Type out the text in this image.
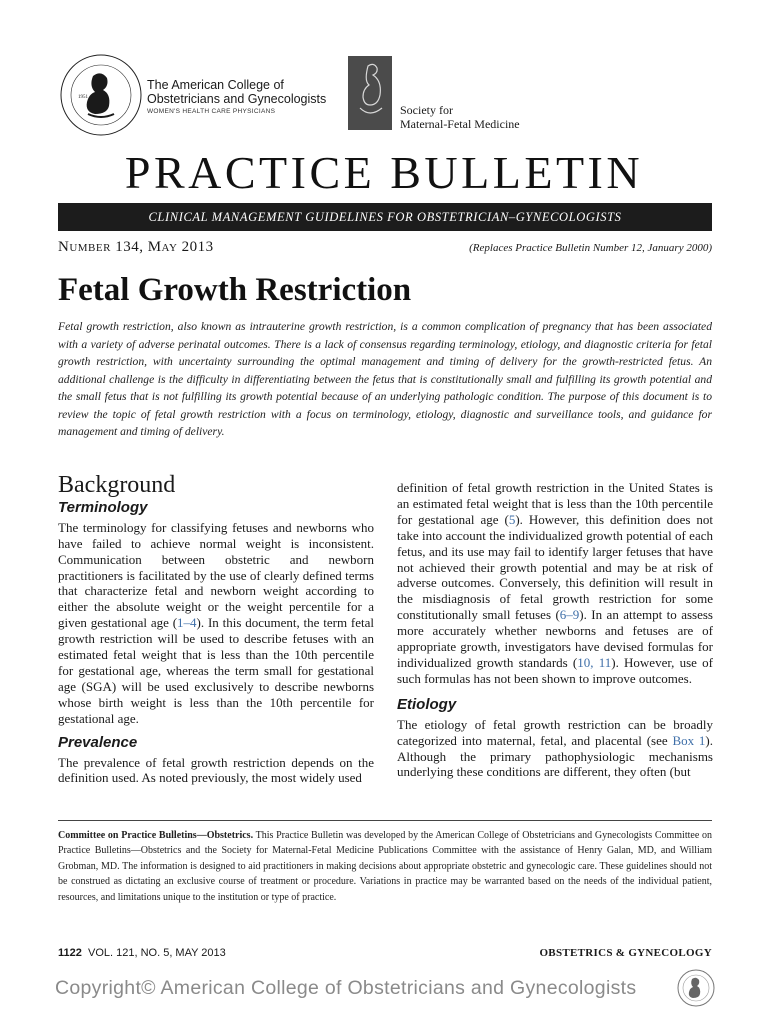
1951
The American College of
Obstetricians and Gynecologists
WOMEN'S HEALTH CARE PHYSICIANS	Society for
Maternal-Fetal Medicine
PRACTICE BULLETIN
CLINICAL MANAGEMENT GUIDELINES FOR OBSTETRICIAN–GYNECOLOGISTS
Number 134, May 2013	(Replaces Practice Bulletin Number 12, January 2000)
Fetal Growth Restriction
Fetal growth restriction, also known as intrauterine growth restriction, is a common complication of pregnancy that has been associated with a variety of adverse perinatal outcomes. There is a lack of consensus regarding terminology, etiology, and diagnostic criteria for fetal growth restriction, with uncertainty surrounding the optimal management and timing of delivery for the growth-restricted fetus. An additional challenge is the difficulty in differentiating between the fetus that is constitutionally small and fulfilling its growth potential and the small fetus that is not fulfilling its growth potential because of an underlying pathologic condition. The purpose of this document is to review the topic of fetal growth restriction with a focus on terminology, etiology, diagnostic and surveillance tools, and guidance for management and timing of delivery.
Background
Terminology

The terminology for classifying fetuses and newborns who have failed to achieve normal weight is inconsistent. Communication between obstetric and newborn practitioners is facilitated by the use of clearly defined terms that characterize fetal and newborn weight according to either the absolute weight or the weight percentile for a given gestational age (1–4). In this document, the term fetal growth restriction will be used to describe fetuses with an estimated fetal weight that is less than the 10th percentile for gestational age, whereas the term small for gestational age (SGA) will be used exclusively to describe newborns whose birth weight is less than the 10th percentile for gestational age.

Prevalence

The prevalence of fetal growth restriction depends on the definition used. As noted previously, the most widely used

definition of fetal growth restriction in the United States is an estimated fetal weight that is less than the 10th percentile for gestational age (5). However, this definition does not take into account the individualized growth potential of each fetus, and its use may fail to identify larger fetuses that have not achieved their growth potential and may be at risk of adverse outcomes. Conversely, this definition will result in the misdiagnosis of fetal growth restriction for some constitutionally small fetuses (6–9). In an attempt to assess more accurately whether newborns and fetuses are of appropriate growth, investigators have devised formulas for individualized growth standards (10, 11). However, use of such formulas has not been shown to improve outcomes.

Etiology

The etiology of fetal growth restriction can be broadly categorized into maternal, fetal, and placental (see Box 1). Although the primary pathophysiologic mechanisms underlying these conditions are different, they often (but

Committee on Practice Bulletins—Obstetrics. This Practice Bulletin was developed by the American College of Obstetricians and Gynecologists Committee on Practice Bulletins—Obstetrics and the Society for Maternal-Fetal Medicine Publications Committee with the assistance of Henry Galan, MD, and William Grobman, MD. The information is designed to aid practitioners in making decisions about appropriate obstetric and gynecologic care. These guidelines should not be construed as dictating an exclusive course of treatment or procedure. Variations in practice may be warranted based on the needs of the individual patient, resources, and limitations unique to the institution or type of practice.
1122 VOL. 121, NO. 5, MAY 2013	OBSTETRICS & GYNECOLOGY
Copyright© American College of Obstetricians and Gynecologists
